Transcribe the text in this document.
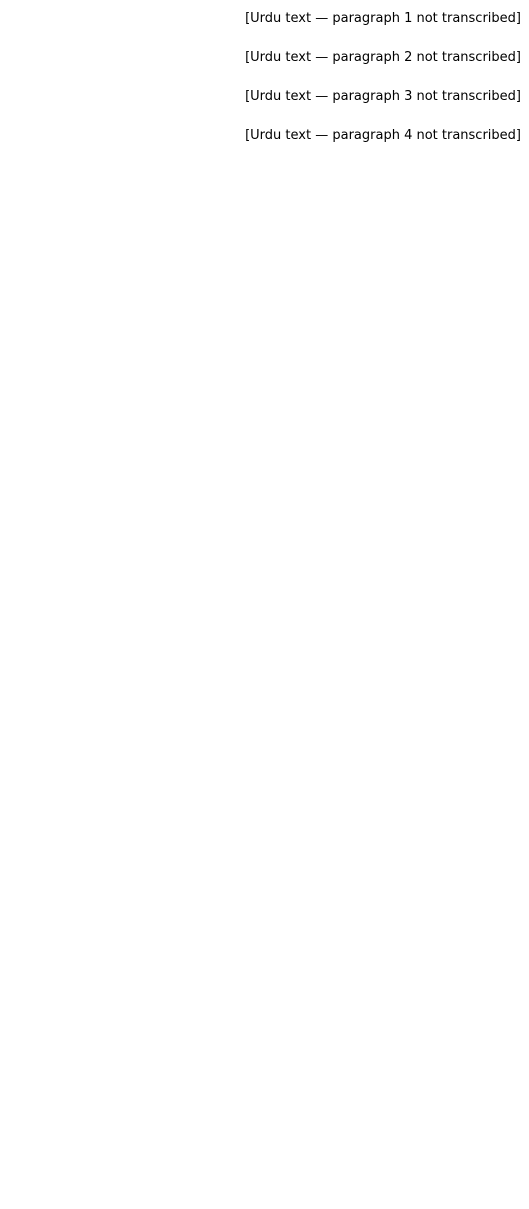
[Urdu text — paragraph 1 not transcribed]

[Urdu text — paragraph 2 not transcribed]

[Urdu text — paragraph 3 not transcribed]

[Urdu text — paragraph 4 not transcribed]
